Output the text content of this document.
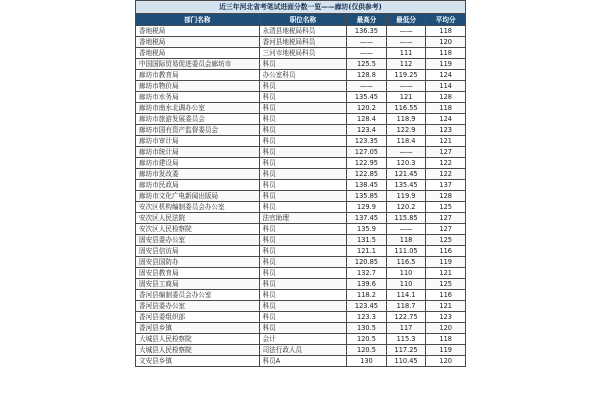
近三年河北省考笔试进面分数一览——廊坊(仅供参考)				
部门名称	职位名称	最高分	最低分	平均分
香地税局	永清县地税局科员	136.35	——	118
香地税局	香河县地税局科员	——	——	120
香地税局	三河市地税局科员	——	111	118
中国国际贸易促进委员会廊坊市	科员	125.5	112	119
廊坊市教育局	办公室科员	128.8	119.25	124
廊坊市物价局	科员	——	——	114
廊坊市水务局	科员	135.45	121	128
廊坊市南水北调办公室	科员	120.2	116.55	118
廊坊市旅游发展委员会	科员	128.4	118.9	124
廊坊市国有资产监督委员会	科员	123.4	122.9	123
廊坊市审计局	科员	123.35	118.4	121
廊坊市统计局	科员	127.05	——	127
廊坊市建设局	科员	122.95	120.3	122
廊坊市发改委	科员	122.85	121.45	122
廊坊市民政局	科员	138.45	135.45	137
廊坊市文化广电新闻出版局	科员	135.85	119.9	128
安次区机构编制委员会办公室	科员	129.9	120.2	125
安次区人民法院	法官助理	137.45	115.85	127
安次区人民检察院	科员	135.9	——	127
固安县委办公室	科员	131.5	118	125
固安县信访局	科员	121.1	111.05	116
固安县国防办	科员	120.85	116.5	119
固安县教育局	科员	132.7	110	121
固安县工商局	科员	139.6	110	125
香河县编制委员会办公室	科员	118.2	114.1	116
香河县委办公室	科员	123.45	118.7	121
香河县委组织部	科员	123.3	122.75	123
香河县乡镇	科员	130.5	117	120
大城县人民检察院	会计	120.5	115.3	118
大城县人民检察院	司法行政人员	120.5	117.25	119
文安县乡镇	科员A	130	110.45	120
